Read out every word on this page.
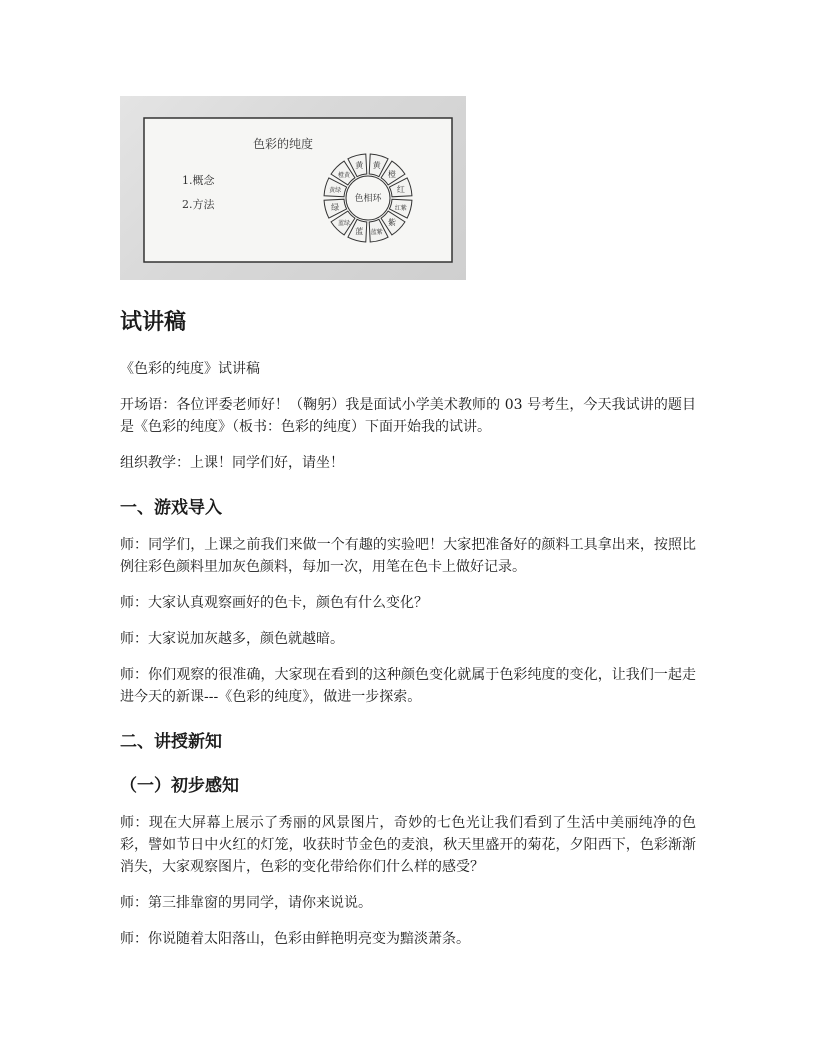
色彩的纯度
1.概念
2.方法
黄
橙
红
红紫
紫
蓝紫
蓝
蓝绿
绿
黄绿
橙黄
黄
色相环
试讲稿

《色彩的纯度》试讲稿

开场语：各位评委老师好！（鞠躬）我是面试小学美术教师的 03 号考生，今天我试讲的题目是《色彩的纯度》（板书：色彩的纯度）下面开始我的试讲。

组织教学：上课！同学们好，请坐！

一、游戏导入

师：同学们，上课之前我们来做一个有趣的实验吧！大家把准备好的颜料工具拿出来，按照比例往彩色颜料里加灰色颜料，每加一次，用笔在色卡上做好记录。

师：大家认真观察画好的色卡，颜色有什么变化？

师：大家说加灰越多，颜色就越暗。

师：你们观察的很准确，大家现在看到的这种颜色变化就属于色彩纯度的变化，让我们一起走进今天的新课---《色彩的纯度》，做进一步探索。

二、讲授新知
（一）初步感知

师：现在大屏幕上展示了秀丽的风景图片，奇妙的七色光让我们看到了生活中美丽纯净的色彩，譬如节日中火红的灯笼，收获时节金色的麦浪，秋天里盛开的菊花，夕阳西下，色彩渐渐消失，大家观察图片，色彩的变化带给你们什么样的感受？

师：第三排靠窗的男同学，请你来说说。

师：你说随着太阳落山，色彩由鲜艳明亮变为黯淡萧条。
